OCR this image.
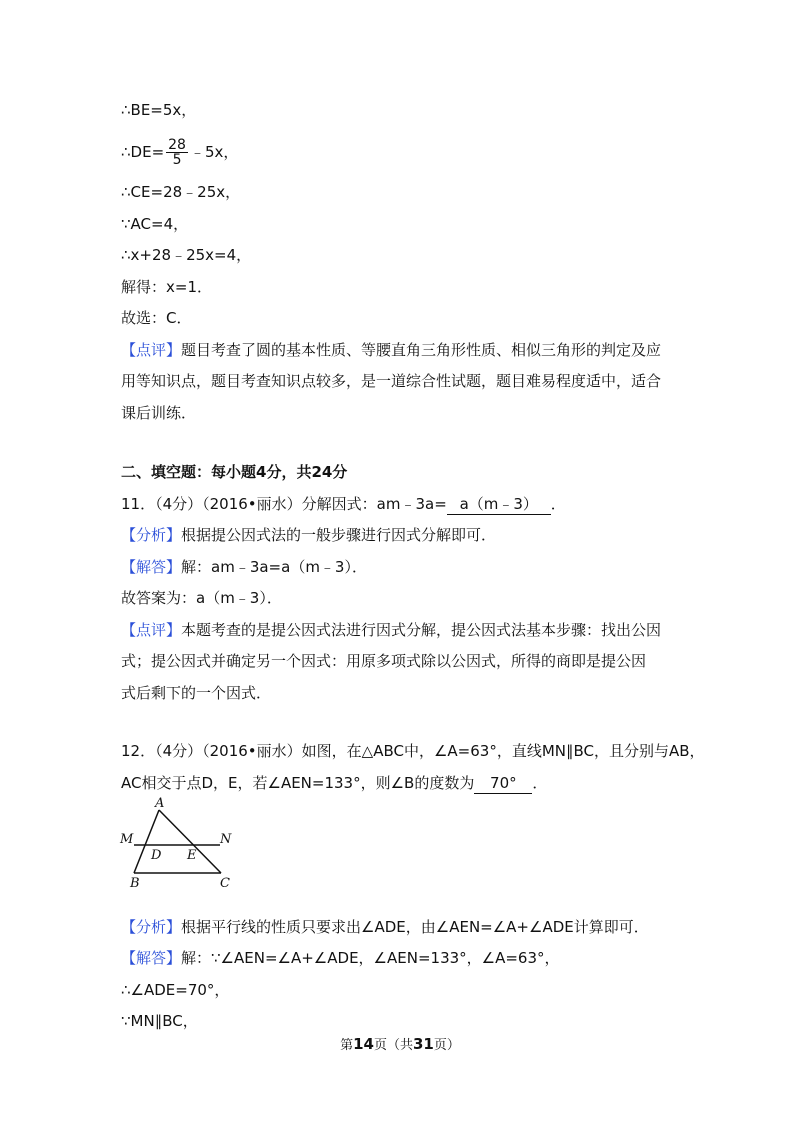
∴BE=5x，
∴DE= $\frac{28}{5}$ ﹣5x，
∴CE=28﹣25x，
∵AC=4，
∴x+28﹣25x=4，
解得：x=1．
故选：C．
【点评】题目考查了圆的基本性质、等腰直角三角形性质、相似三角形的判定及应
用等知识点，题目考查知识点较多，是一道综合性试题，题目难易程度适中，适合
课后训练．
二、填空题：每小题4分，共24分
11．（4分）（2016•丽水）分解因式：am﹣3a= a（m﹣3） ．
【分析】根据提公因式法的一般步骤进行因式分解即可．
【解答】解：am﹣3a=a（m﹣3）．
故答案为：a（m﹣3）．
【点评】本题考查的是提公因式法进行因式分解，提公因式法基本步骤：找出公因
式；提公因式并确定另一个因式：用原多项式除以公因式，所得的商即是提公因
式后剩下的一个因式．
12．（4分）（2016•丽水）如图，在△ABC中，∠A=63°，直线MN∥BC，且分别与AB，
AC相交于点D，E，若∠AEN=133°，则∠B的度数为 70° ．
A
M	N
D E
B	C
【分析】根据平行线的性质只要求出∠ADE，由∠AEN=∠A+∠ADE计算即可．
【解答】解：∵∠AEN=∠A+∠ADE，∠AEN=133°，∠A=63°，
∴∠ADE=70°，
∵MN∥BC，
第14页（共31页）
